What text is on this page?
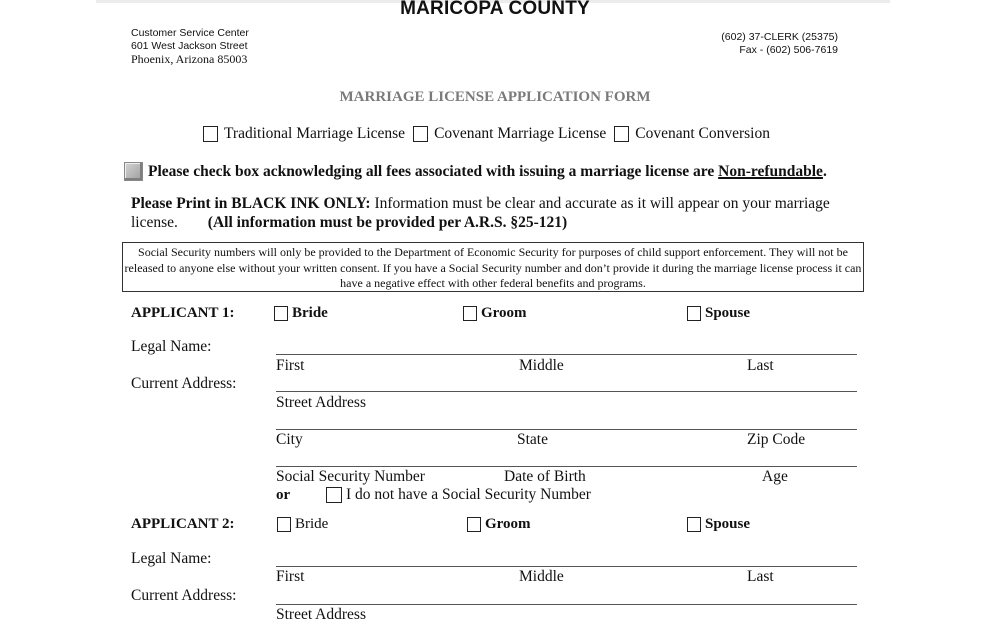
MARICOPA COUNTY
Customer Service Center
601 West Jackson Street
Phoenix, Arizona 85003
(602) 37-CLERK (25375)
Fax - (602) 506-7619
MARRIAGE LICENSE APPLICATION FORM
Traditional Marriage License Covenant Marriage License Covenant Conversion
Please check box acknowledging all fees associated with issuing a marriage license are
Non-refundable .
Please Print in BLACK INK ONLY: Information must be clear and accurate as it will appear on your marriage license. (All information must be provided per A.R.S. §25-121)
Social Security numbers will only be provided to the Department of Economic Security for purposes of child support enforcement. They will not be released to anyone else without your written consent. If you have a Social Security number and don’t provide it during the marriage license process it can have a negative effect with other federal benefits and programs.
APPLICANT 1:	Bride	Groom	Spouse
Legal Name:
First	Middle	Last
Current Address:
Street Address
City	State	Zip Code
Social Security Number	Date of Birth	Age
or	I do not have a Social Security Number
APPLICANT 2:	Bride	Groom	Spouse
Legal Name:
First	Middle	Last
Current Address:
Street Address
